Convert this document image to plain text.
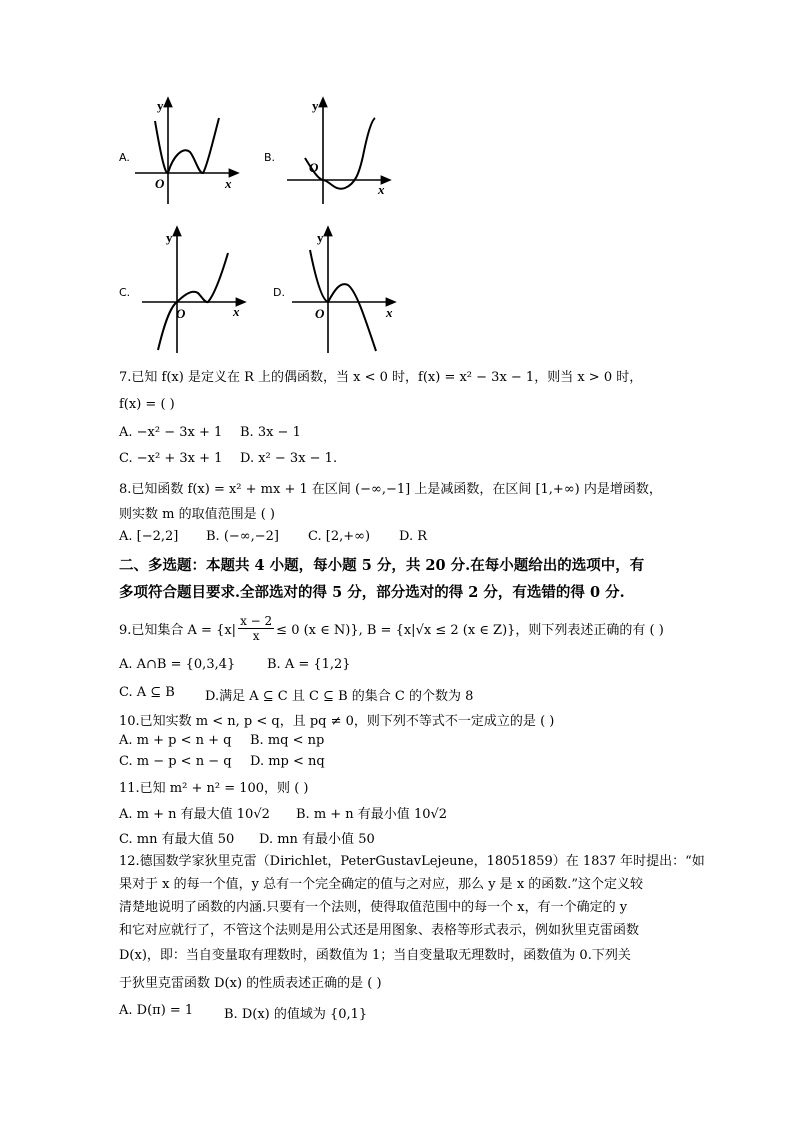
A.	B.
C.	D.
y
x
O
y
x
O
y
x
O
y
x
O
7.已知 f(x) 是定义在 R 上的偶函数，当 x < 0 时，f(x) = x² − 3x − 1，则当 x > 0 时，
f(x) = ( )
A. −x² − 3x + 1 B. 3x − 1
C. −x² + 3x + 1 D. x² − 3x − 1.
8.已知函数 f(x) = x² + mx + 1 在区间 (−∞,−1] 上是减函数，在区间 [1,+∞) 内是增函数，
则实数 m 的取值范围是 ( )
A. [−2,2] B. (−∞,−2] C. [2,+∞) D. R
二、多选题：本题共 4 小题，每小题 5 分，共 20 分.在每小题给出的选项中，有
多项符合题目要求.全部选对的得 5 分，部分选对的得 2 分，有选错的得 0 分.
9.已知集合 $A = \{x| \frac{x - 2}{x} \le 0$ (x ∈ N)}, B = {x|√x ≤ 2 (x ∈ Z)}，则下列表述正确的有 ( )
A. A∩B = {0,3,4} B. A = {1,2}
C. A ⊆ B D.满足 A ⊆ C 且 C ⊆ B 的集合 C 的个数为 8
10.已知实数 m < n, p < q，且 pq ≠ 0，则下列不等式不一定成立的是 ( )
A. m + p < n + q B. mq < np
C. m − p < n − q D. mp < nq
11.已知 m² + n² = 100，则 ( )
A. m + n 有最大值 10√2 B. m + n 有最小值 10√2
C. mn 有最大值 50 D. mn 有最小值 50
12.德国数学家狄里克雷（Dirichlet，PeterGustavLejeune，18051859）在 1837 年时提出：“如
果对于 x 的每一个值，y 总有一个完全确定的值与之对应，那么 y 是 x 的函数.”这个定义较
清楚地说明了函数的内涵.只要有一个法则，使得取值范围中的每一个 x，有一个确定的 y
和它对应就行了，不管这个法则是用公式还是用图象、表格等形式表示，例如狄里克雷函数
D(x)，即：当自变量取有理数时，函数值为 1；当自变量取无理数时，函数值为 0.下列关
于狄里克雷函数 D(x) 的性质表述正确的是 ( )
A. D(π) = 1 B. D(x) 的值域为 {0,1}
